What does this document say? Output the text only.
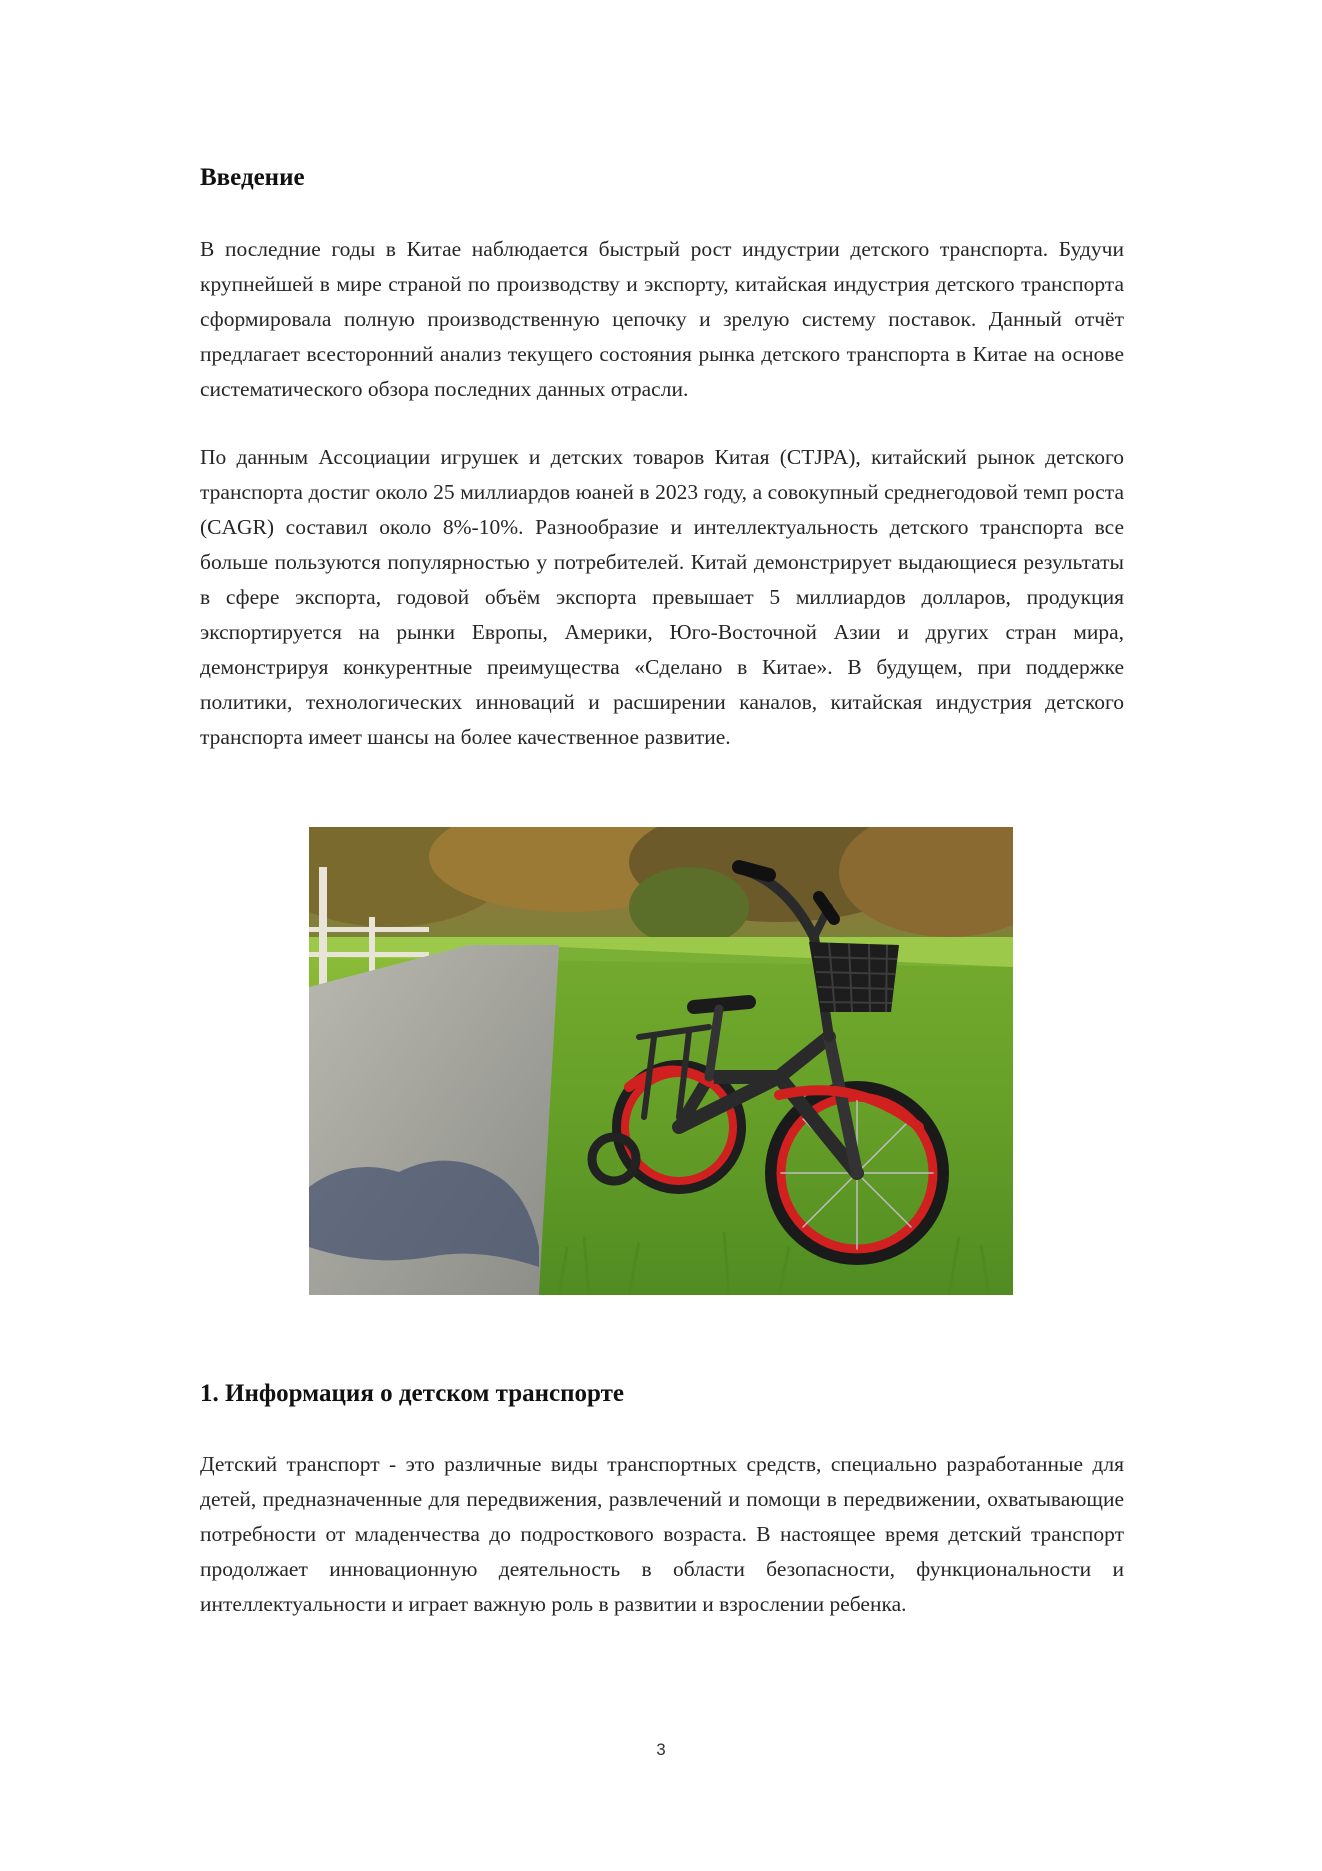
Введение

В последние годы в Китае наблюдается быстрый рост индустрии детского транспорта. Будучи крупнейшей в мире страной по производству и экспорту, китайская индустрия детского транспорта сформировала полную производственную цепочку и зрелую систему поставок. Данный отчёт предлагает всесторонний анализ текущего состояния рынка детского транспорта в Китае на основе систематического обзора последних данных отрасли.

По данным Ассоциации игрушек и детских товаров Китая (CTJPA), китайский рынок детского транспорта достиг около 25 миллиардов юаней в 2023 году, а совокупный среднегодовой темп роста (CAGR) составил около 8%-10%. Разнообразие и интеллектуальность детского транспорта все больше пользуются популярностью у потребителей. Китай демонстрирует выдающиеся результаты в сфере экспорта, годовой объём экспорта превышает 5 миллиардов долларов, продукция экспортируется на рынки Европы, Америки, Юго-Восточной Азии и других стран мира, демонстрируя конкурентные преимущества «Сделано в Китае». В будущем, при поддержке политики, технологических инноваций и расширении каналов, китайская индустрия детского транспорта имеет шансы на более качественное развитие.

1. Информация о детском транспорте

Детский транспорт - это различные виды транспортных средств, специально разработанные для детей, предназначенные для передвижения, развлечений и помощи в передвижении, охватывающие потребности от младенчества до подросткового возраста. В настоящее время детский транспорт продолжает инновационную деятельность в области безопасности, функциональности и интеллектуальности и играет важную роль в развитии и взрослении ребенка.

3
